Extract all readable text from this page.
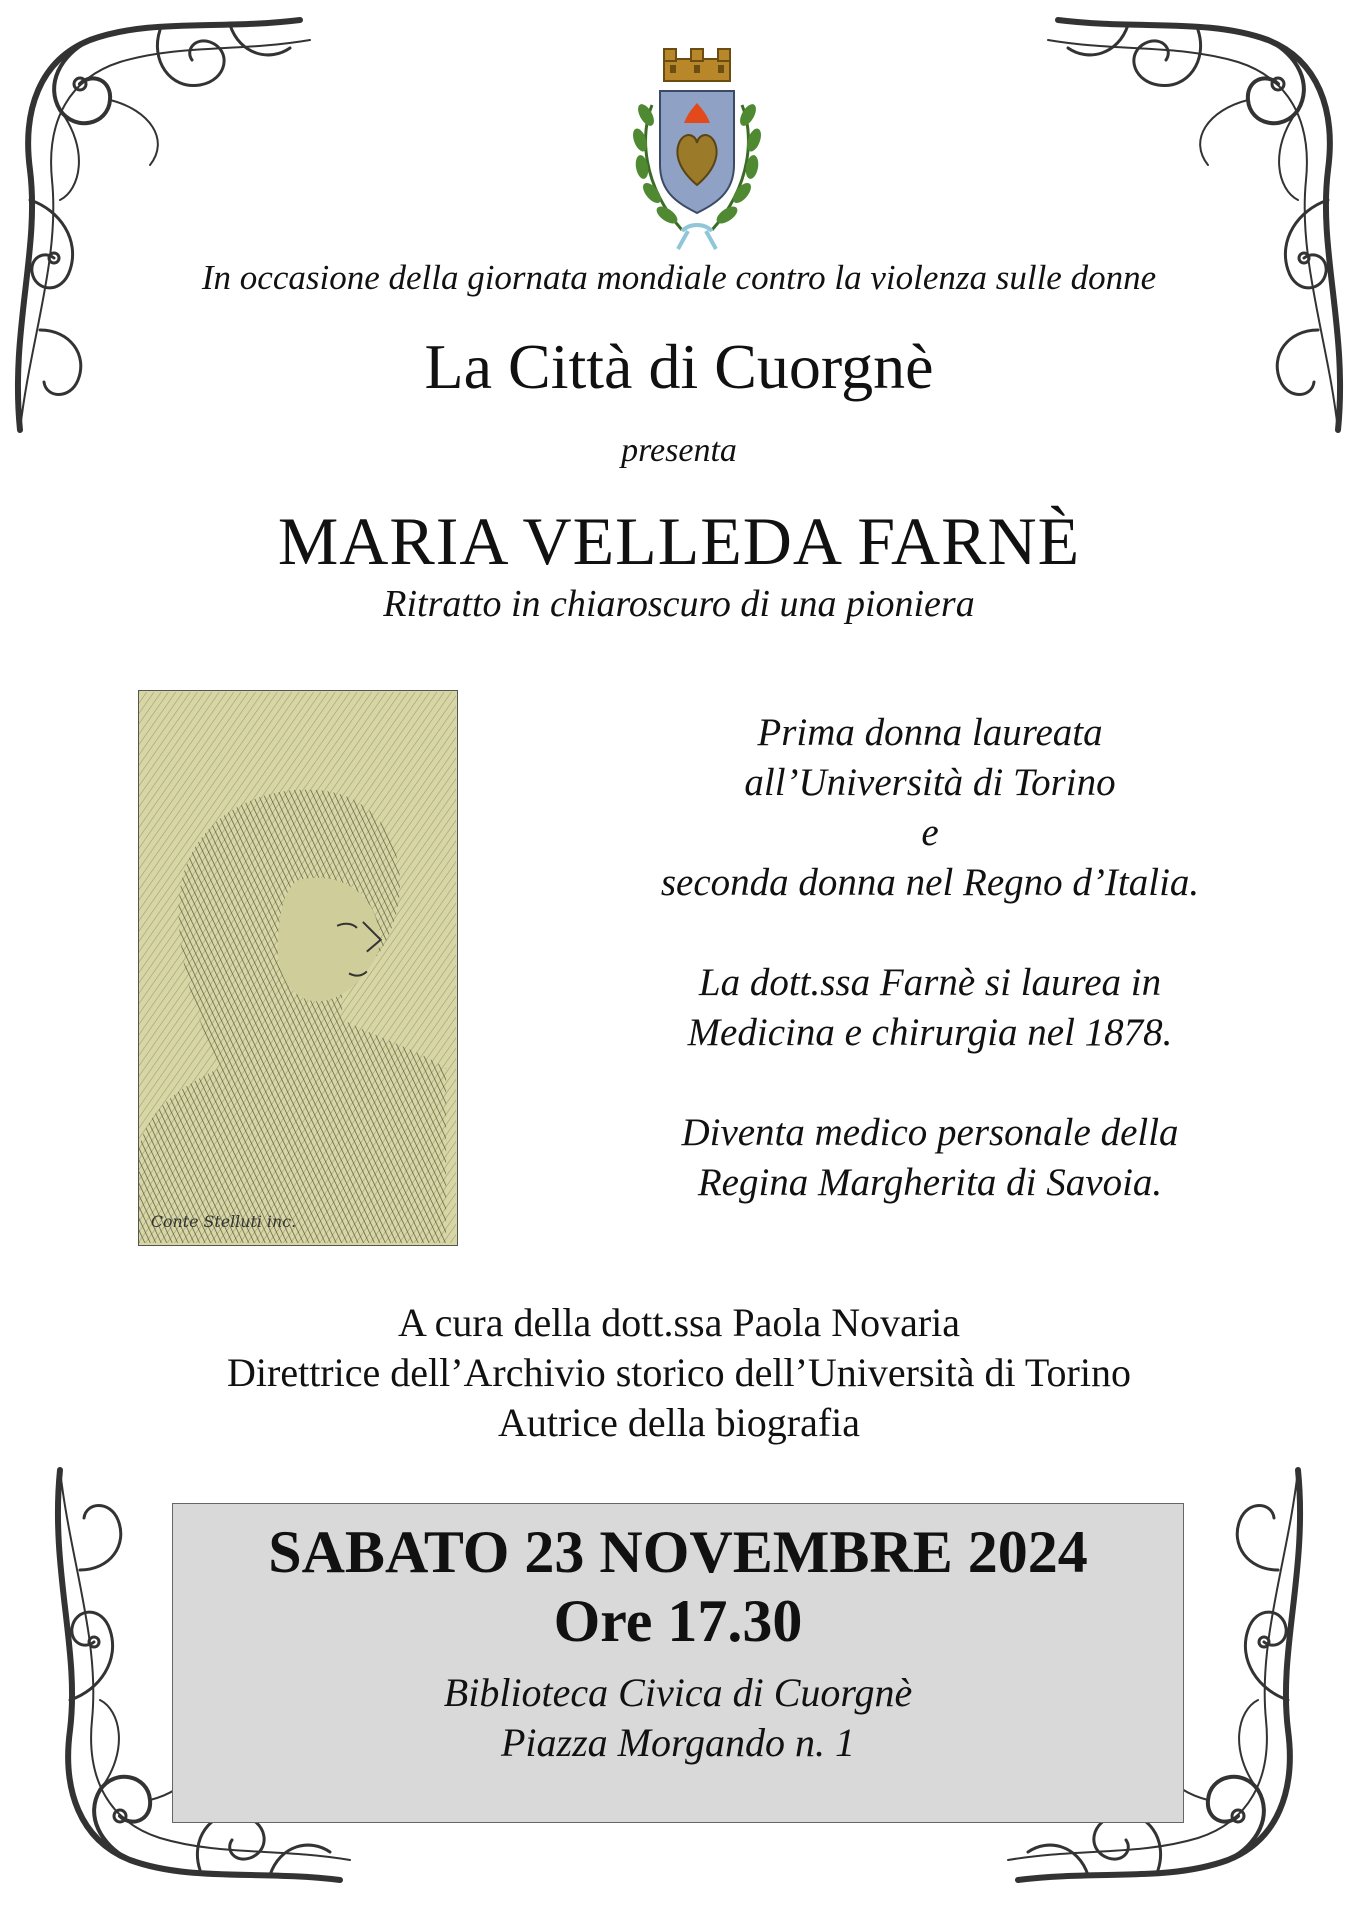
In occasione della giornata mondiale contro la violenza sulle donne
La Città di Cuorgnè
presenta
MARIA VELLEDA FARNÈ
Ritratto in chiaroscuro di una pioniera
Conte Stelluti inc.

Prima donna laureata
all’Università di Torino
e
seconda donna nel Regno d’Italia.

La dott.ssa Farnè si laurea in
Medicina e chirurgia nel 1878.

Diventa medico personale della
Regina Margherita di Savoia.

A cura della dott.ssa Paola Novaria
Direttrice dell’Archivio storico dell’Università di Torino
Autrice della biografia
SABATO 23 NOVEMBRE 2024
Ore 17.30
Biblioteca Civica di Cuorgnè
Piazza Morgando n. 1
